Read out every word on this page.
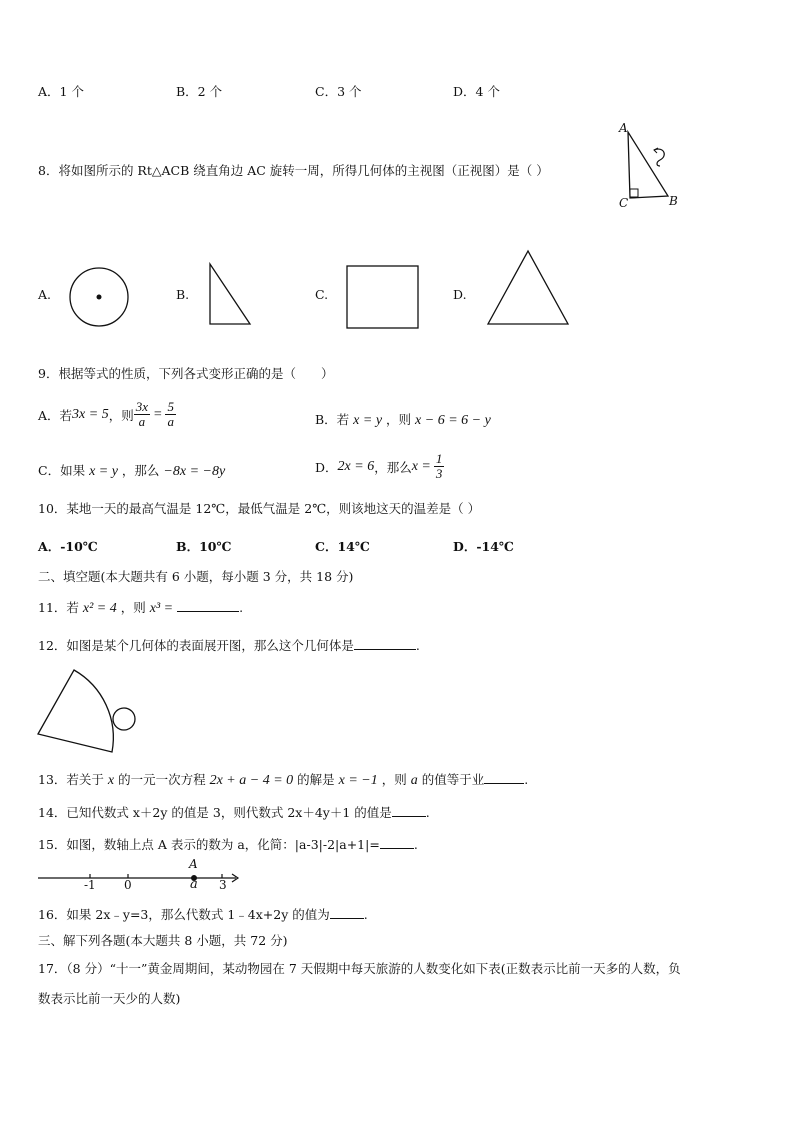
A．1 个	B．2 个	C．3 个	D．4 个
8．将如图所示的 Rt△ACB 绕直角边 AC 旋转一周，所得几何体的主视图（正视图）是（ ）
A
C	B
A.	B.	C.	D.
9．根据等式的性质，下列各式变形正确的是（　　）
A．若 3x = 5 ，则 $\frac{3x}{a} = \frac{5}{a}$	B．若 x = y ，则 x − 6 = 6 − y
C．如果 x = y ，那么 −8x = −8y	D． 2x = 6 ，那么 $x = \frac{1}{3}$
10．某地一天的最高气温是 12℃，最低气温是 2℃，则该地这天的温差是（ ）
A．-10℃	B．10℃	C．14℃	D．-14℃
二、填空题(本大题共有 6 小题，每小题 3 分，共 18 分)
11．若 x² = 4 ，则 x³ =	.
12．如图是某个几何体的表面展开图，那么这个几何体是	.
13．若关于 x 的一元一次方程 2x + a − 4 = 0 的解是 x = −1 ，则 a 的值等于业	.
14．已知代数式 x＋2y 的值是 3，则代数式 2x＋4y＋1 的值是	.
15．如图，数轴上点 A 表示的数为 a，化简：|a-3|-2|a+1|=	.
-1 0	a 3
A
16．如果 2x﹣y=3，那么代数式 1﹣4x+2y 的值为	.
三、解下列各题(本大题共 8 小题，共 72 分)
17．（8 分）“十一”黄金周期间，某动物园在 7 天假期中每天旅游的人数变化如下表(正数表示比前一天多的人数，负
数表示比前一天少的人数)
